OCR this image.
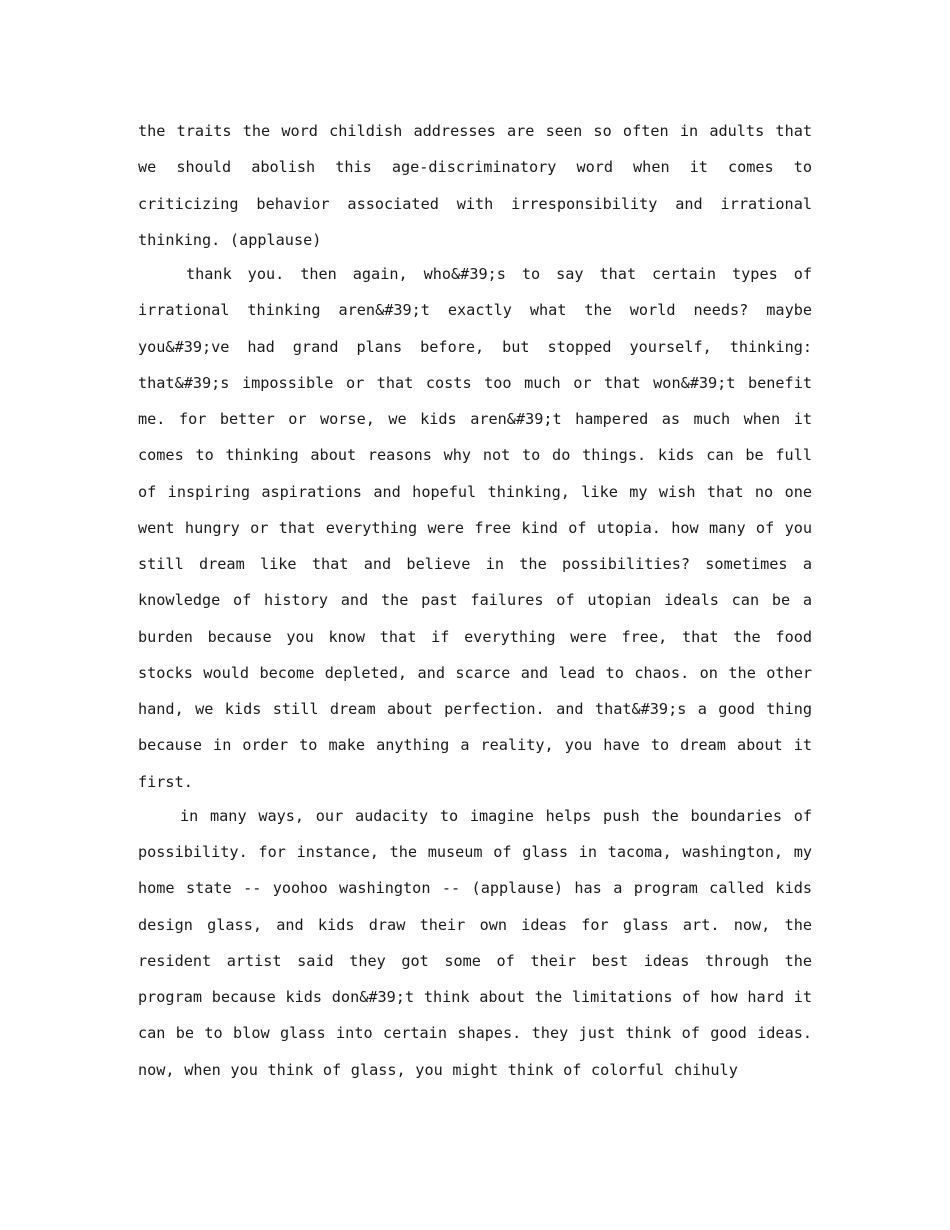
the traits the word childish addresses are seen so often in adults that we should abolish this age-discriminatory word when it comes to criticizing behavior associated with irresponsibility and irrational thinking. (applause)

thank you. then again, who&#39;s to say that certain types of irrational thinking aren&#39;t exactly what the world needs? maybe you&#39;ve had grand plans before, but stopped yourself, thinking: that&#39;s impossible or that costs too much or that won&#39;t benefit me. for better or worse, we kids aren&#39;t hampered as much when it comes to thinking about reasons why not to do things. kids can be full of inspiring aspirations and hopeful thinking, like my wish that no one went hungry or that everything were free kind of utopia. how many of you still dream like that and believe in the possibilities? sometimes a knowledge of history and the past failures of utopian ideals can be a burden because you know that if everything were free, that the food stocks would become depleted, and scarce and lead to chaos. on the other hand, we kids still dream about perfection. and that&#39;s a good thing because in order to make anything a reality, you have to dream about it first.

in many ways, our audacity to imagine helps push the boundaries of possibility. for instance, the museum of glass in tacoma, washington, my home state -- yoohoo washington -- (applause) has a program called kids design glass, and kids draw their own ideas for glass art. now, the resident artist said they got some of their best ideas through the program because kids don&#39;t think about the limitations of how hard it can be to blow glass into certain shapes. they just think of good ideas. now, when you think of glass, you might think of colorful chihuly
